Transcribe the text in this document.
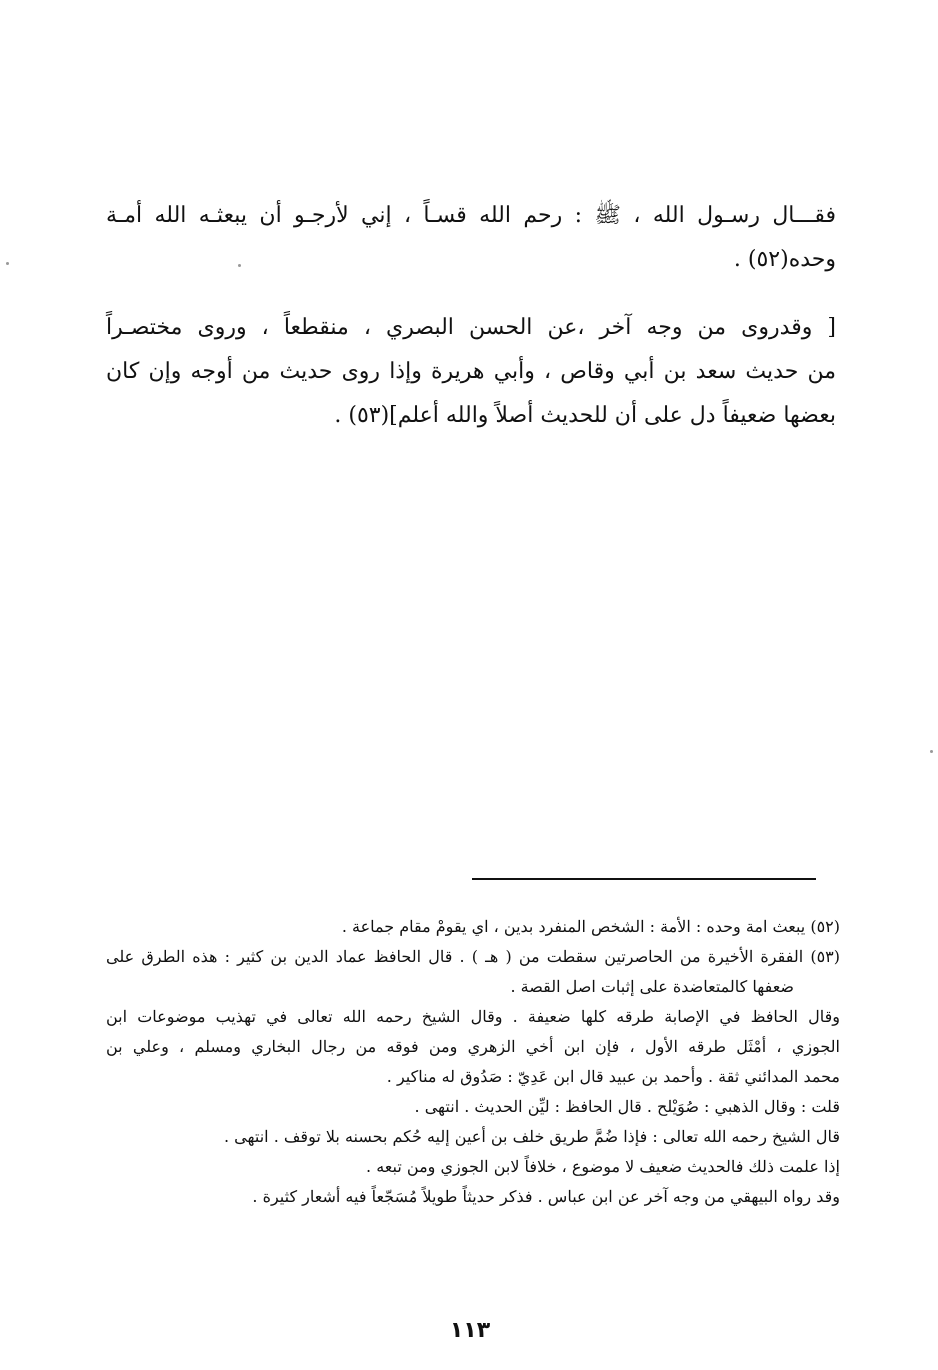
فقـــال رسـول الله ، ﷺ : رحم الله قسـاً ، إني لأرجـو أن يبعثـه الله أمـة
وحده(٥٢) .
[ وقدروى من وجه آخر ،عن الحسن البصري ، منقطعاً ، وروى مختصـراً
من حديث سعد بن أبي وقاص ، وأبي هريرة وإذا روى حديث من أوجه وإن كان
بعضها ضعيفاً دل على أن للحديث أصلاً والله أعلم](٥٣) .
(٥٢) يبعث امة وحده : الأمة : الشخص المنفرد بدين ، اي يقومْ مقام جماعة .
(٥٣) الفقرة الأخيرة من الحاصرتين سقطت من ( هـ ) . قال الحافظ عماد الدين بن كثير : هذه الطرق على
ضعفها كالمتعاضدة على إثبات اصل القصة .
وقال الحافظ في الإصابة طرقه كلها ضعيفة . وقال الشيخ رحمه الله تعالى في تهذيب موضوعات ابن
الجوزي ، أمْثَل طرقه الأول ، فإن ابن أخي الزهري ومن فوقه من رجال البخاري ومسلم ، وعلي بن
محمد المدائني ثقة . وأحمد بن عبيد قال ابن عَدِيّ : صَدُوق له مناكير .
قلت : وقال الذهبي : صُوَيْلح . قال الحافظ : ليِّن الحديث . انتهى .
قال الشيخ رحمه الله تعالى : فإذا ضُمَّ طريق خلف بن أعين إليه حُكم بحسنه بلا توقف . انتهى .
إذا علمت ذلك فالحديث ضعيف لا موضوع ، خلافاً لابن الجوزي ومن تبعه .
وقد رواه البيهقي من وجه آخر عن ابن عباس . فذكر حديثاً طويلاً مُسَجّعاً فيه أشعار كثيرة .
١١٣
